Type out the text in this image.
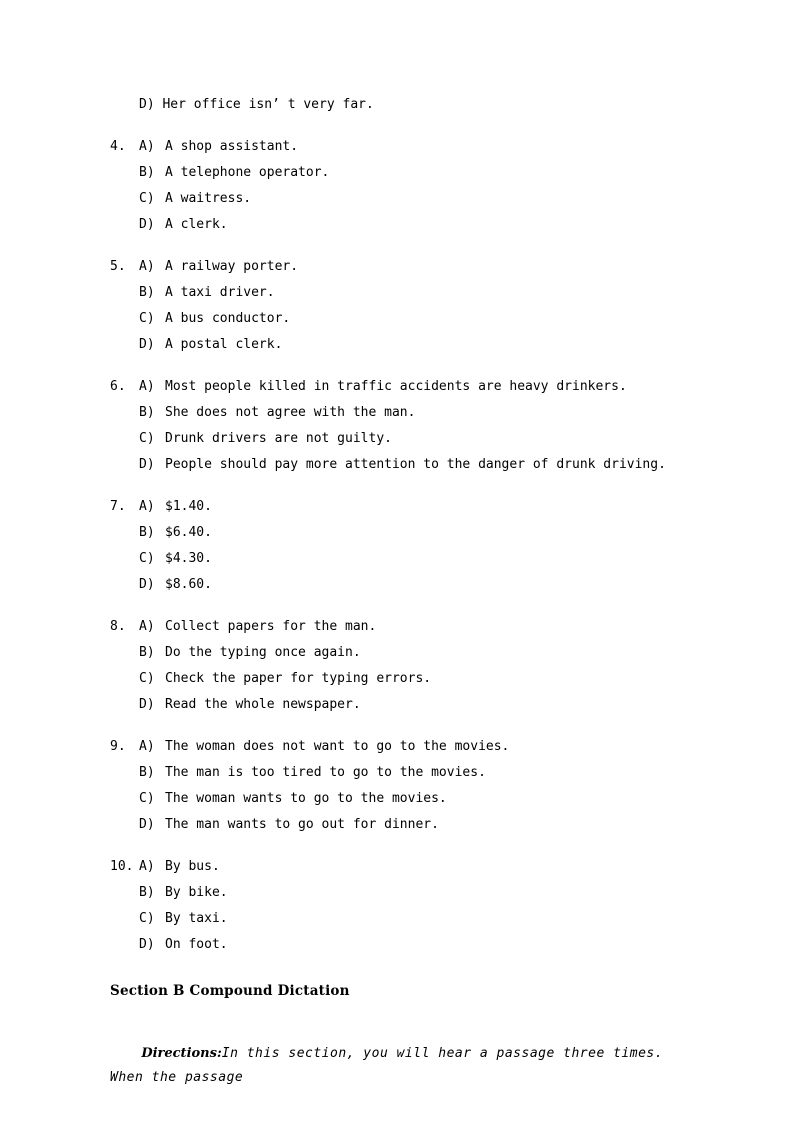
D) Her office isn’ t very far.
4.	A) A shop assistant.
B) A telephone operator.
C) A waitress.
D) A clerk.
5.	A) A railway porter.
B) A taxi driver.
C) A bus conductor.
D) A postal clerk.
6.	A) Most people killed in traffic accidents are heavy drinkers.
B) She does not agree with the man.
C) Drunk drivers are not guilty.
D) People should pay more attention to the danger of drunk driving.
7.	A) $1.40.
B) $6.40.
C) $4.30.
D) $8.60.
8.	A) Collect papers for the man.
B) Do the typing once again.
C) Check the paper for typing errors.
D) Read the whole newspaper.
9.	A) The woman does not want to go to the movies.
B) The man is too tired to go to the movies.
C) The woman wants to go to the movies.
D) The man wants to go out for dinner.
10. A) By bus.
B) By bike.
C) By taxi.
D) On foot.
Section B Compound Dictation

Directions:In this section, you will hear a passage three times. When the passage
